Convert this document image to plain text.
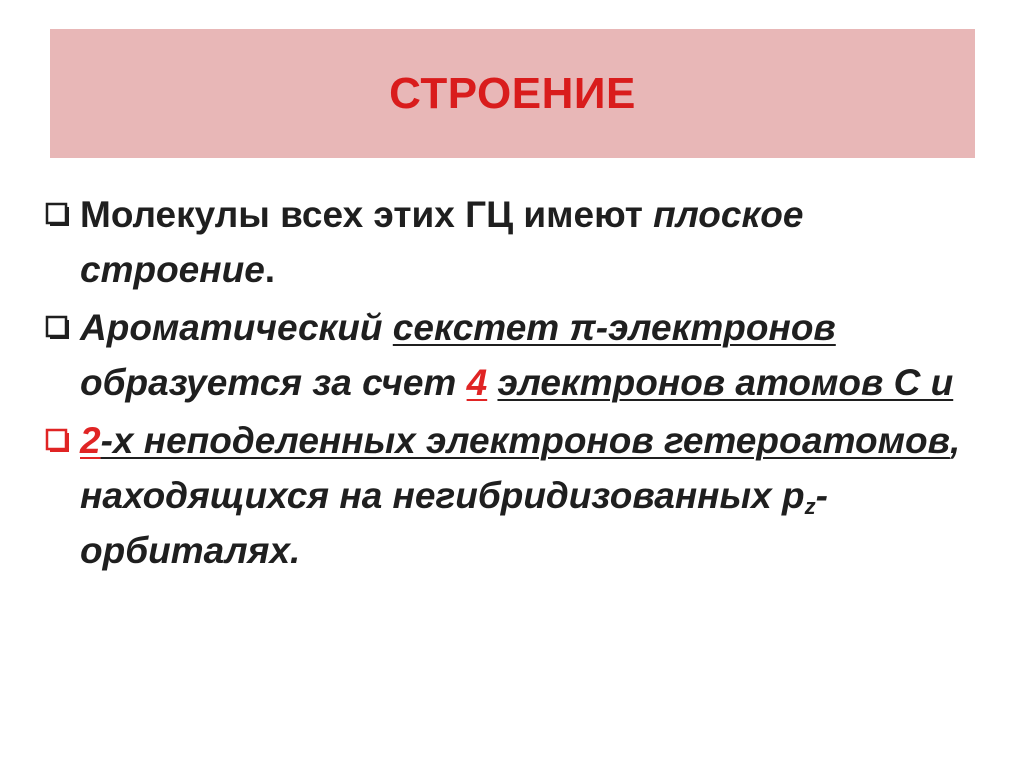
СТРОЕНИЕ
Молекулы всех этих ГЦ имеют плоское строение.
Ароматический секстет π-электронов образуется за счет 4 электронов атомов С и
2-х неподеленных электронов гетероатомов, находящихся на негибридизованных $р_z$-орбиталях.
